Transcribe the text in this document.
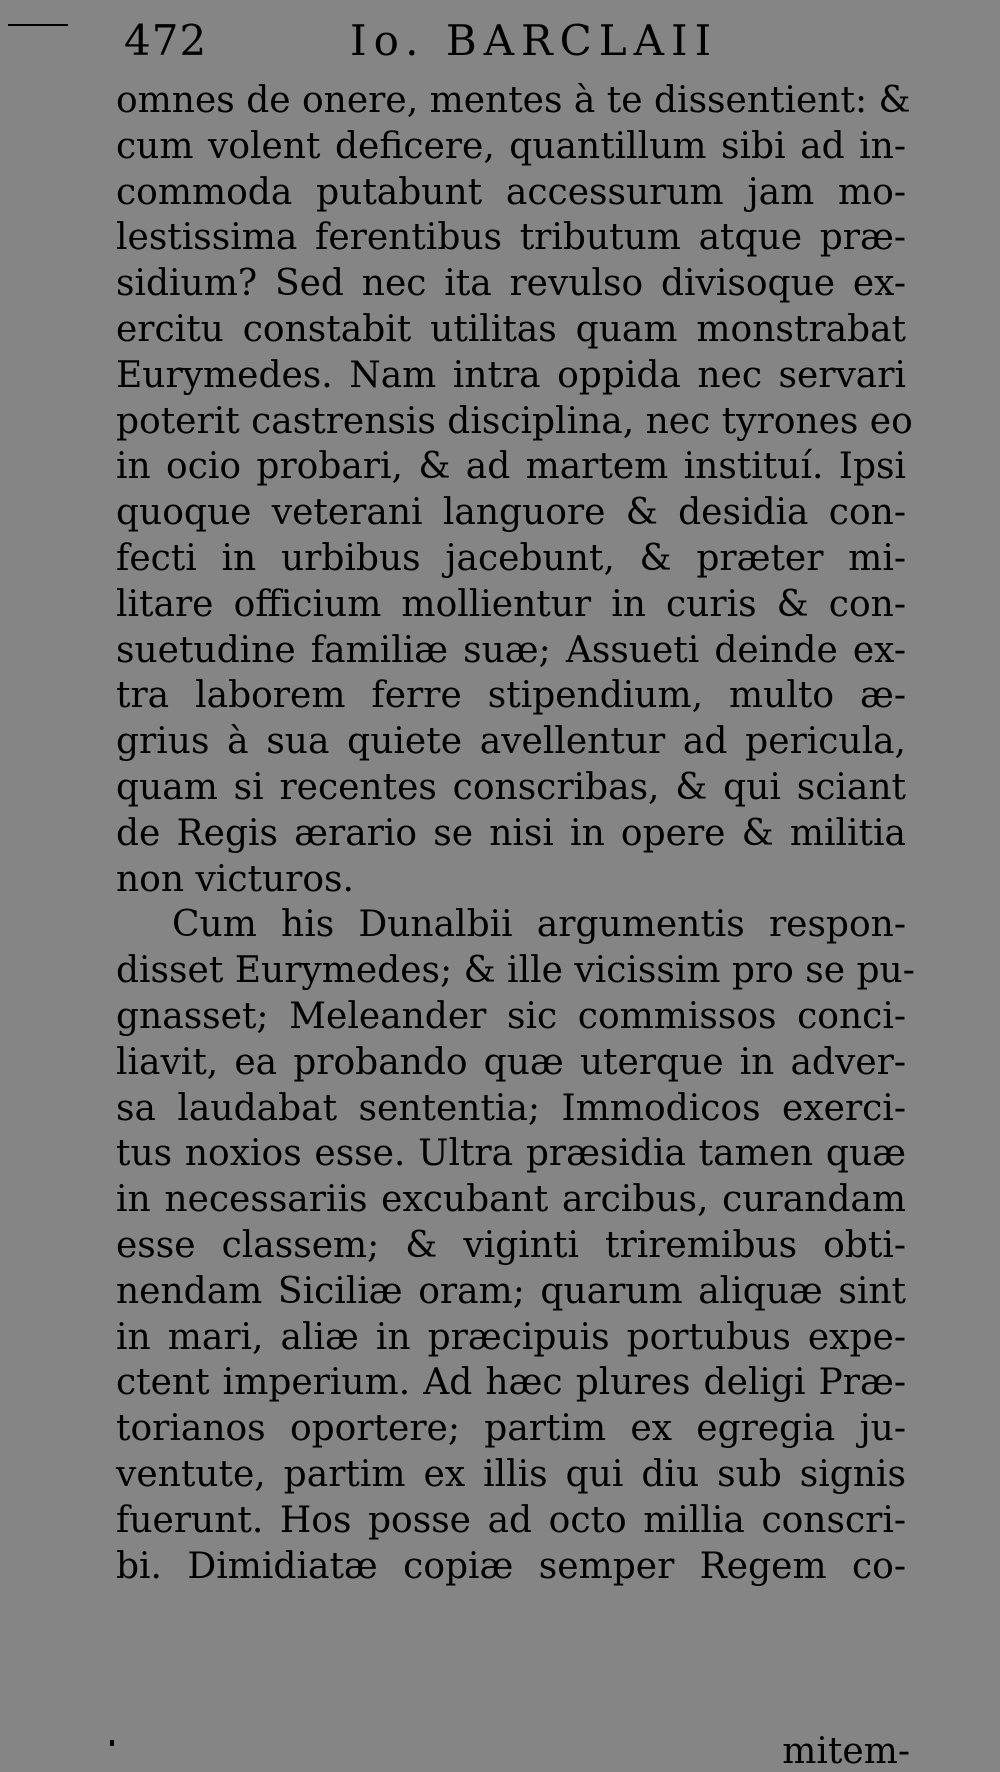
472	Io. BARCLAII
omnes de onere, mentes à te dissentient: &
cum volent deficere, quantillum sibi ad in-
commoda putabunt accessurum jam mo-
lestissima ferentibus tributum atque præ-
sidium? Sed nec ita revulso divisoque ex-
ercitu constabit utilitas quam monstrabat
Eurymedes. Nam intra oppida nec servari
poterit castrensis disciplina, nec tyrones eo
in ocio probari, & ad martem instituí. Ipsi
quoque veterani languore & desidia con-
fecti in urbibus jacebunt, & præter mi-
litare officium mollientur in curis & con-
suetudine familiæ suæ; Assueti deinde ex-
tra laborem ferre stipendium, multo æ-
grius à sua quiete avellentur ad pericula,
quam si recentes conscribas, & qui sciant
de Regis ærario se nisi in opere & militia
non victuros.
Cum his Dunalbii argumentis respon-
disset Eurymedes; & ille vicissim pro se pu-
gnasset; Meleander sic commissos conci-
liavit, ea probando quæ uterque in adver-
sa laudabat sententia; Immodicos exerci-
tus noxios esse. Ultra præsidia tamen quæ
in necessariis excubant arcibus, curandam
esse classem; & viginti triremibus obti-
nendam Siciliæ oram; quarum aliquæ sint
in mari, aliæ in præcipuis portubus expe-
ctent imperium. Ad hæc plures deligi Præ-
torianos oportere; partim ex egregia ju-
ventute, partim ex illis qui diu sub signis
fuerunt. Hos posse ad octo millia conscri-
bi. Dimidiatæ copiæ semper Regem co-
mitem-
